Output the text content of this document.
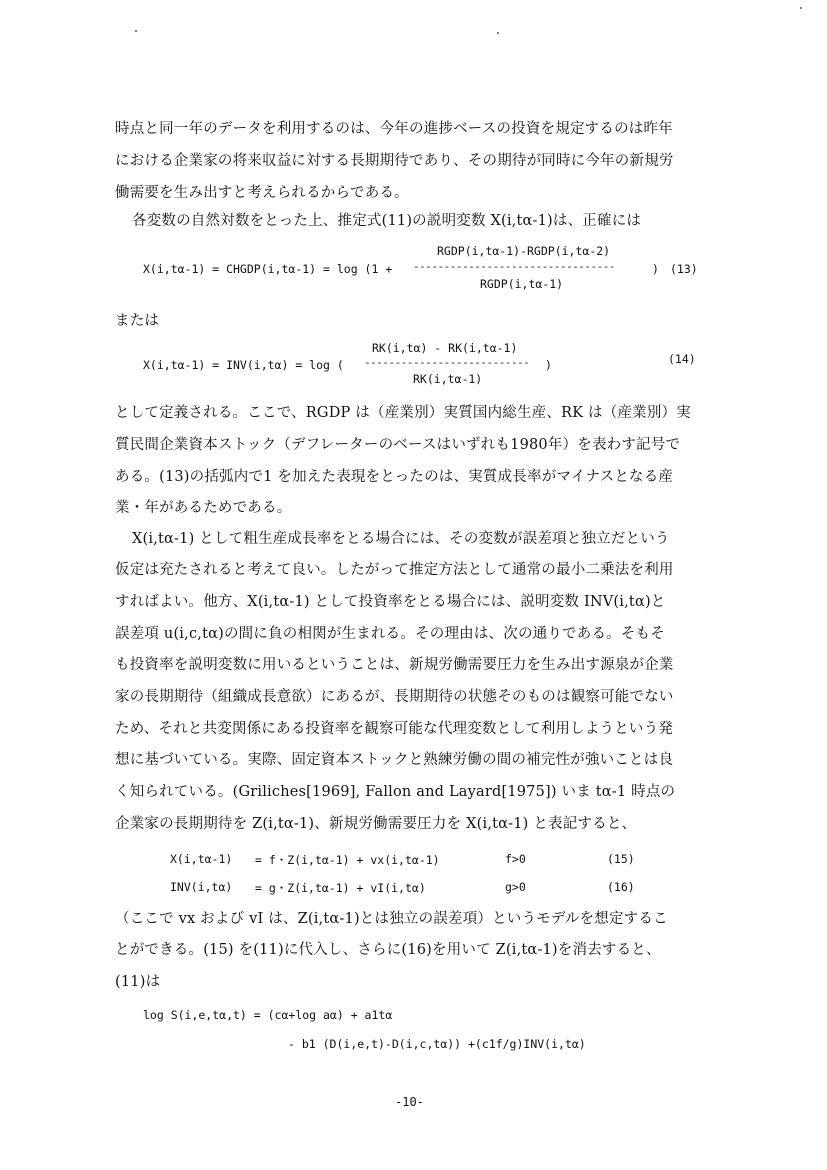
時点と同一年のデータを利用するのは、今年の進捗ベースの投資を規定するのは昨年
における企業家の将来収益に対する長期期待であり、その期待が同時に今年の新規労
働需要を生み出すと考えられるからである。
各変数の自然対数をとった上、推定式(11)の説明変数 X(i,tα-1)は、正確には
RGDP(i,tα-1)-RGDP(i,tα-2)
X(i,tα-1) = CHGDP(i,tα-1) = log (1 + ---------------------------------	)
RGDP(i,tα-1)
(13)
または
RK(i,tα) - RK(i,tα-1)
X(i,tα-1) = INV(i,tα) = log ( --------------------------- )
RK(i,tα-1)
(14)
として定義される。ここで、RGDP は（産業別）実質国内総生産、RK は（産業別）実
質民間企業資本ストック（デフレーターのベースはいずれも1980年）を表わす記号で
ある。(13)の括弧内で1 を加えた表現をとったのは、実質成長率がマイナスとなる産
業・年があるためである。
X(i,tα-1) として粗生産成長率をとる場合には、その変数が誤差項と独立だという
仮定は充たされると考えて良い。したがって推定方法として通常の最小二乗法を利用
すればよい。他方、X(i,tα-1) として投資率をとる場合には、説明変数 INV(i,tα)と
誤差項 u(i,c,tα)の間に負の相関が生まれる。その理由は、次の通りである。そもそ
も投資率を説明変数に用いるということは、新規労働需要圧力を生み出す源泉が企業
家の長期期待（組織成長意欲）にあるが、長期期待の状態そのものは観察可能でない
ため、それと共変関係にある投資率を観察可能な代理変数として利用しようという発
想に基づいている。実際、固定資本ストックと熟練労働の間の補完性が強いことは良
く知られている。(Griliches[1969], Fallon and Layard[1975]) いま tα-1 時点の
企業家の長期期待を Z(i,tα-1)、新規労働需要圧力を X(i,tα-1) と表記すると、
X(i,tα-1) = f・Z(i,tα-1) + vx(i,tα-1)	f>0	(15)
INV(i,tα) = g・Z(i,tα-1) + vI(i,tα)	g>0	(16)
（ここで vx および vI は、Z(i,tα-1)とは独立の誤差項）というモデルを想定するこ
とができる。(15) を(11)に代入し、さらに(16)を用いて Z(i,tα-1)を消去すると、
(11)は
log S(i,e,tα,t) = (cα+log aα) + a1tα
- b1 (D(i,e,t)-D(i,c,tα)) +(c1f/g)INV(i,tα)
-10-
